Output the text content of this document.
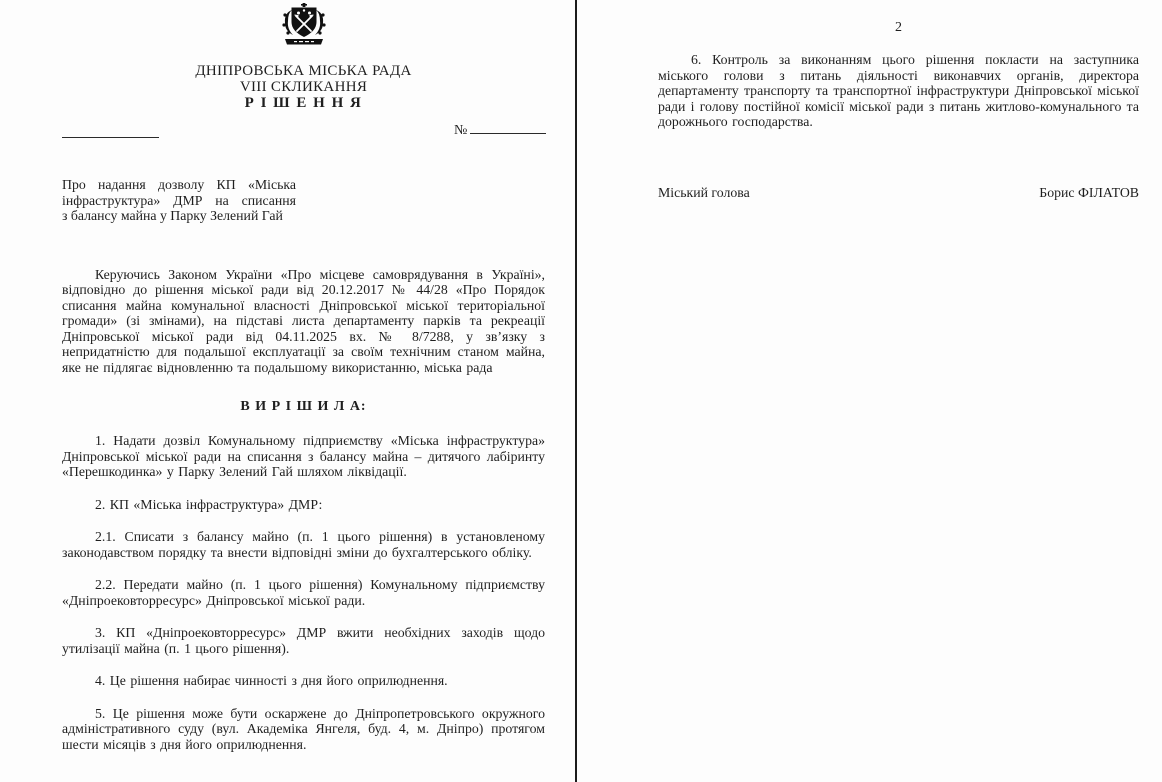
ДНІПРОВСЬКА МІСЬКА РАДА
VIII СКЛИКАННЯ
Р І Ш Е Н Н Я
№
Про надання дозволу КП «Міська
інфраструктура» ДМР на списання
з балансу майна у Парку Зелений Гай

Керуючись Законом України «Про місцеве самоврядування в Україні», відповідно до рішення міської ради від 20.12.2017 № 44/28 «Про Порядок списання майна комунальної власності Дніпровської міської територіальної громади» (зі змінами), на підставі листа департаменту парків та рекреації Дніпровської міської ради від 04.11.2025 вх. № 8/7288, у зв’язку з непридатністю для подальшої експлуатації за своїм технічним станом майна, яке не підлягає відновленню та подальшому використанню, міська рада

В И Р І Ш И Л А:

1. Надати дозвіл Комунальному підприємству «Міська інфраструктура» Дніпровської міської ради на списання з балансу майна – дитячого лабіринту «Перешкодинка» у Парку Зелений Гай шляхом ліквідації.

2. КП «Міська інфраструктура» ДМР:

2.1. Списати з балансу майно (п. 1 цього рішення) в установленому законодавством порядку та внести відповідні зміни до бухгалтерського обліку.

2.2. Передати майно (п. 1 цього рішення) Комунальному підприємству «Дніпроековторресурс» Дніпровської міської ради.

3. КП «Дніпроековторресурс» ДМР вжити необхідних заходів щодо утилізації майна (п. 1 цього рішення).

4. Це рішення набирає чинності з дня його оприлюднення.

5. Це рішення може бути оскаржене до Дніпропетровського окружного адміністративного суду (вул. Академіка Янгеля, буд. 4, м. Дніпро) протягом шести місяців з дня його оприлюднення.

2

6. Контроль за виконанням цього рішення покласти на заступника міського голови з питань діяльності виконавчих органів, директора департаменту транспорту та транспортної інфраструктури Дніпровської міської ради і голову постійної комісії міської ради з питань житлово-комунального та дорожнього господарства.

Міський голова	Борис ФІЛАТОВ
